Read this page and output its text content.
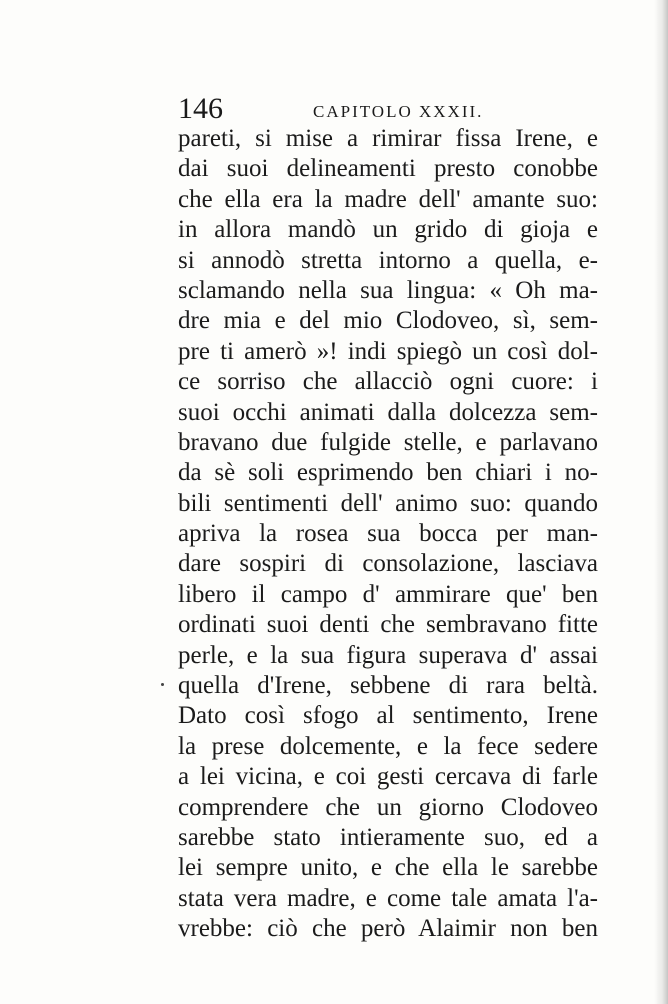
146	CAPITOLO XXXII.
pareti, si mise a rimirar fissa Irene, e
dai suoi delineamenti presto conobbe
che ella era la madre dell' amante suo:
in allora mandò un grido di gioja e
si annodò stretta intorno a quella, e-
sclamando nella sua lingua: « Oh ma-
dre mia e del mio Clodoveo, sì, sem-
pre ti amerò »! indi spiegò un così dol-
ce sorriso che allacciò ogni cuore: i
suoi occhi animati dalla dolcezza sem-
bravano due fulgide stelle, e parlavano
da sè soli esprimendo ben chiari i no-
bili sentimenti dell' animo suo: quando
apriva la rosea sua bocca per man-
dare sospiri di consolazione, lasciava
libero il campo d' ammirare que' ben
ordinati suoi denti che sembravano fitte
perle, e la sua figura superava d' assai
quella d'Irene, sebbene di rara beltà.
Dato così sfogo al sentimento, Irene
la prese dolcemente, e la fece sedere
a lei vicina, e coi gesti cercava di farle
comprendere che un giorno Clodoveo
sarebbe stato intieramente suo, ed a
lei sempre unito, e che ella le sarebbe
stata vera madre, e come tale amata l'a-
vrebbe: ciò che però Alaimir non ben
